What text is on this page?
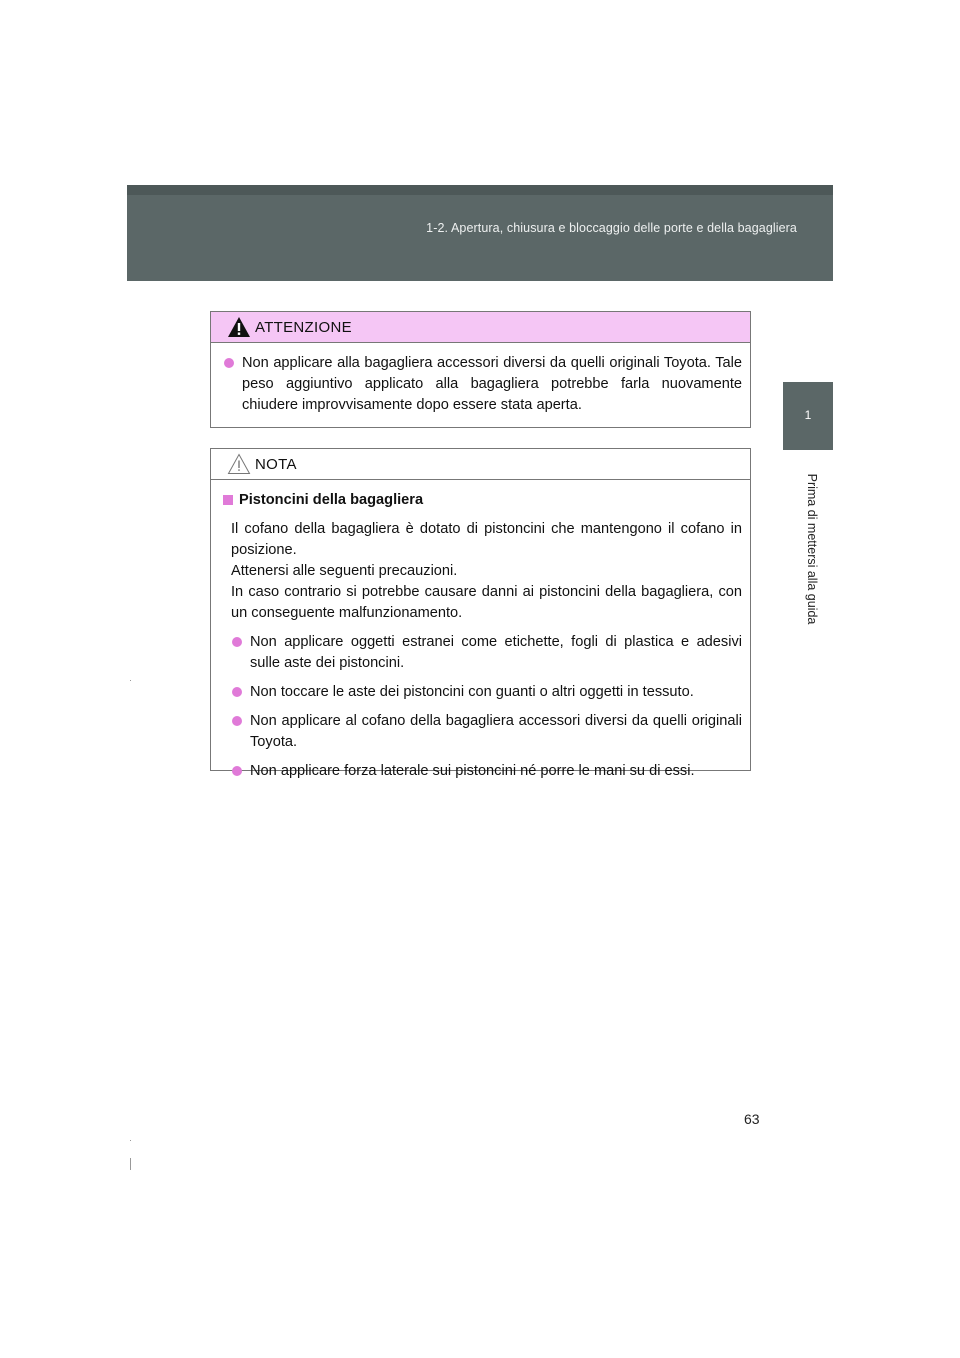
1-2. Apertura, chiusura e bloccaggio delle porte e della bagagliera
1
Prima di mettersi alla guida
ATTENZIONE
Non applicare alla bagagliera accessori diversi da quelli originali Toyota. Tale peso aggiuntivo applicato alla bagagliera potrebbe farla nuovamente chiudere improvvisamente dopo essere stata aperta.
NOTA
Pistoncini della bagagliera
Il cofano della bagagliera è dotato di pistoncini che mantengono il cofano in posizione.
Attenersi alle seguenti precauzioni.
In caso contrario si potrebbe causare danni ai pistoncini della bagagliera, con un conseguente malfunzionamento.
Non applicare oggetti estranei come etichette, fogli di plastica e adesivi sulle aste dei pistoncini.
Non toccare le aste dei pistoncini con guanti o altri oggetti in tessuto.
Non applicare al cofano della bagagliera accessori diversi da quelli originali Toyota.
Non applicare forza laterale sui pistoncini né porre le mani su di essi.
63
